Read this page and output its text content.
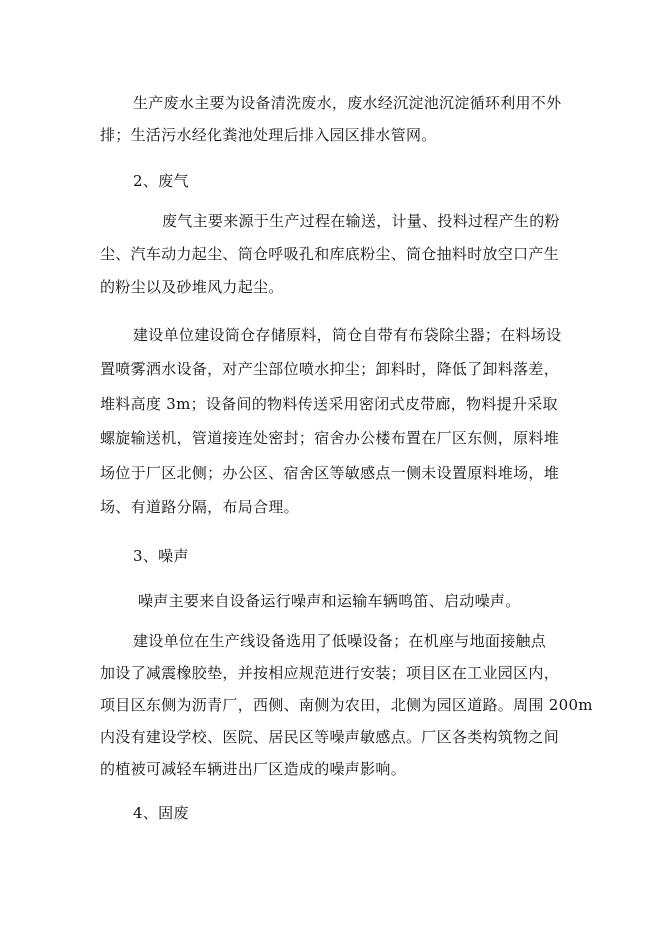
生产废水主要为设备清洗废水，废水经沉淀池沉淀循环利用不外
排；生活污水经化粪池处理后排入园区排水管网。
2、废气
废气主要来源于生产过程在输送，计量、投料过程产生的粉
尘、汽车动力起尘、筒仓呼吸孔和库底粉尘、筒仓抽料时放空口产生
的粉尘以及砂堆风力起尘。
建设单位建设筒仓存储原料，筒仓自带有布袋除尘器；在料场设
置喷雾洒水设备，对产尘部位喷水抑尘；卸料时，降低了卸料落差，
堆料高度 3m；设备间的物料传送采用密闭式皮带廊，物料提升采取
螺旋输送机，管道接连处密封；宿舍办公楼布置在厂区东侧，原料堆
场位于厂区北侧；办公区、宿舍区等敏感点一侧未设置原料堆场，堆
场、有道路分隔，布局合理。
3、噪声
噪声主要来自设备运行噪声和运输车辆鸣笛、启动噪声。
建设单位在生产线设备选用了低噪设备；在机座与地面接触点
加设了减震橡胶垫，并按相应规范进行安装；项目区在工业园区内，
项目区东侧为沥青厂，西侧、南侧为农田，北侧为园区道路。周围 200m
内没有建设学校、医院、居民区等噪声敏感点。厂区各类构筑物之间
的植被可减轻车辆进出厂区造成的噪声影响。
4、固废
